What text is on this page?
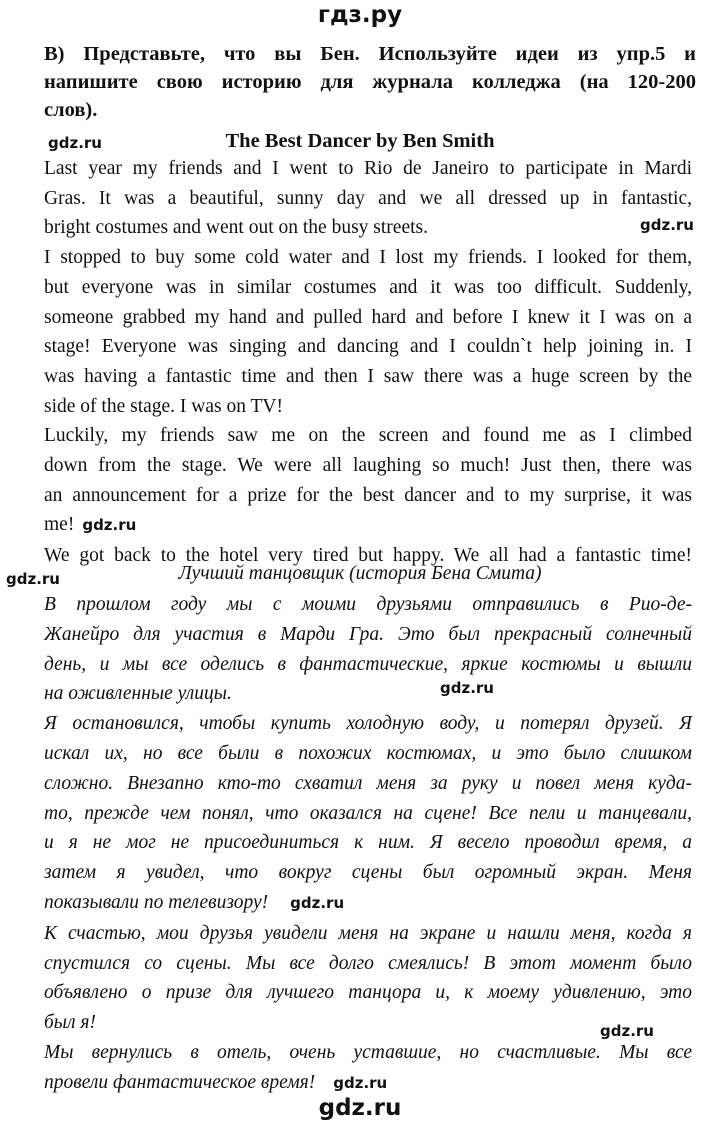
гдз.ру
В) Представьте, что вы Бен. Используйте идеи из упр.5 и
напишите свою историю для журнала колледжа (на 120-200
слов).
gdz.ru	The Best Dancer by Ben Smith
Last year my friends and I went to Rio de Janeiro to participate in Mardi
Gras. It was a beautiful, sunny day and we all dressed up in fantastic,
bright costumes and went out on the busy streets.
I stopped to buy some cold water and I lost my friends. I looked for them,
but everyone was in similar costumes and it was too difficult. Suddenly,
someone grabbed my hand and pulled hard and before I knew it I was on a
stage! Everyone was singing and dancing and I couldn`t help joining in. I
was having a fantastic time and then I saw there was a huge screen by the
side of the stage. I was on TV!
Luckily, my friends saw me on the screen and found me as I climbed
down from the stage. We were all laughing so much! Just then, there was
an announcement for a prize for the best dancer and to my surprise, it was
me! gdz.ru
We got back to the hotel very tired but happy. We all had a fantastic time!
gdz.ru
gdz.ru	Лучший танцовщик (история Бена Смита)
В прошлом году мы с моими друзьями отправились в Рио-де-
Жанейро для участия в Марди Гра. Это был прекрасный солнечный
день, и мы все оделись в фантастические, яркие костюмы и вышли
на оживленные улицы.
Я остановился, чтобы купить холодную воду, и потерял друзей. Я
искал их, но все были в похожих костюмах, и это было слишком
сложно. Внезапно кто-то схватил меня за руку и повел меня куда-
то, прежде чем понял, что оказался на сцене! Все пели и танцевали,
и я не мог не присоединиться к ним. Я весело проводил время, а
затем я увидел, что вокруг сцены был огромный экран. Меня
показывали по телевизору! gdz.ru
К счастью, мои друзья увидели меня на экране и нашли меня, когда я
спустился со сцены. Мы все долго смеялись! В этот момент было
объявлено о призе для лучшего танцора и, к моему удивлению, это
был я!
Мы вернулись в отель, очень уставшие, но счастливые. Мы все
провели фантастическое время! gdz.ru
gdz.ru
gdz.ru
gdz.ru
